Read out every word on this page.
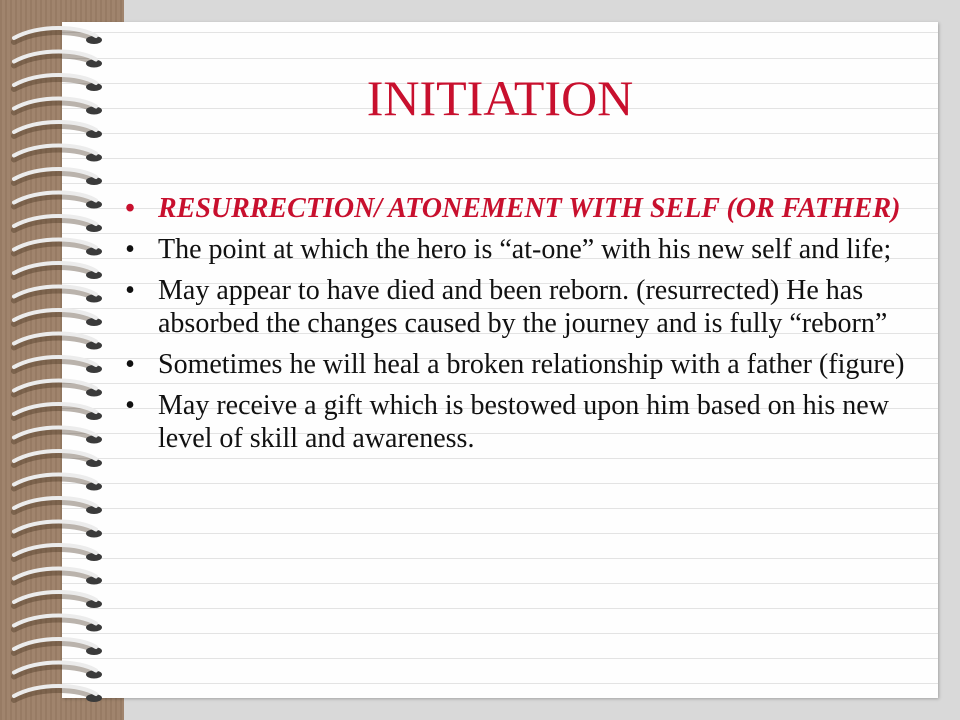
INITIATION
• RESURRECTION/ ATONEMENT WITH SELF (OR FATHER)
• The point at which the hero is “at-one” with his new self and life;
• May appear to have died and been reborn. (resurrected) He has absorbed the changes caused by the journey and is fully “reborn”
• Sometimes he will heal a broken relationship with a father (figure)
• May receive a gift which is bestowed upon him based on his new level of skill and awareness.
